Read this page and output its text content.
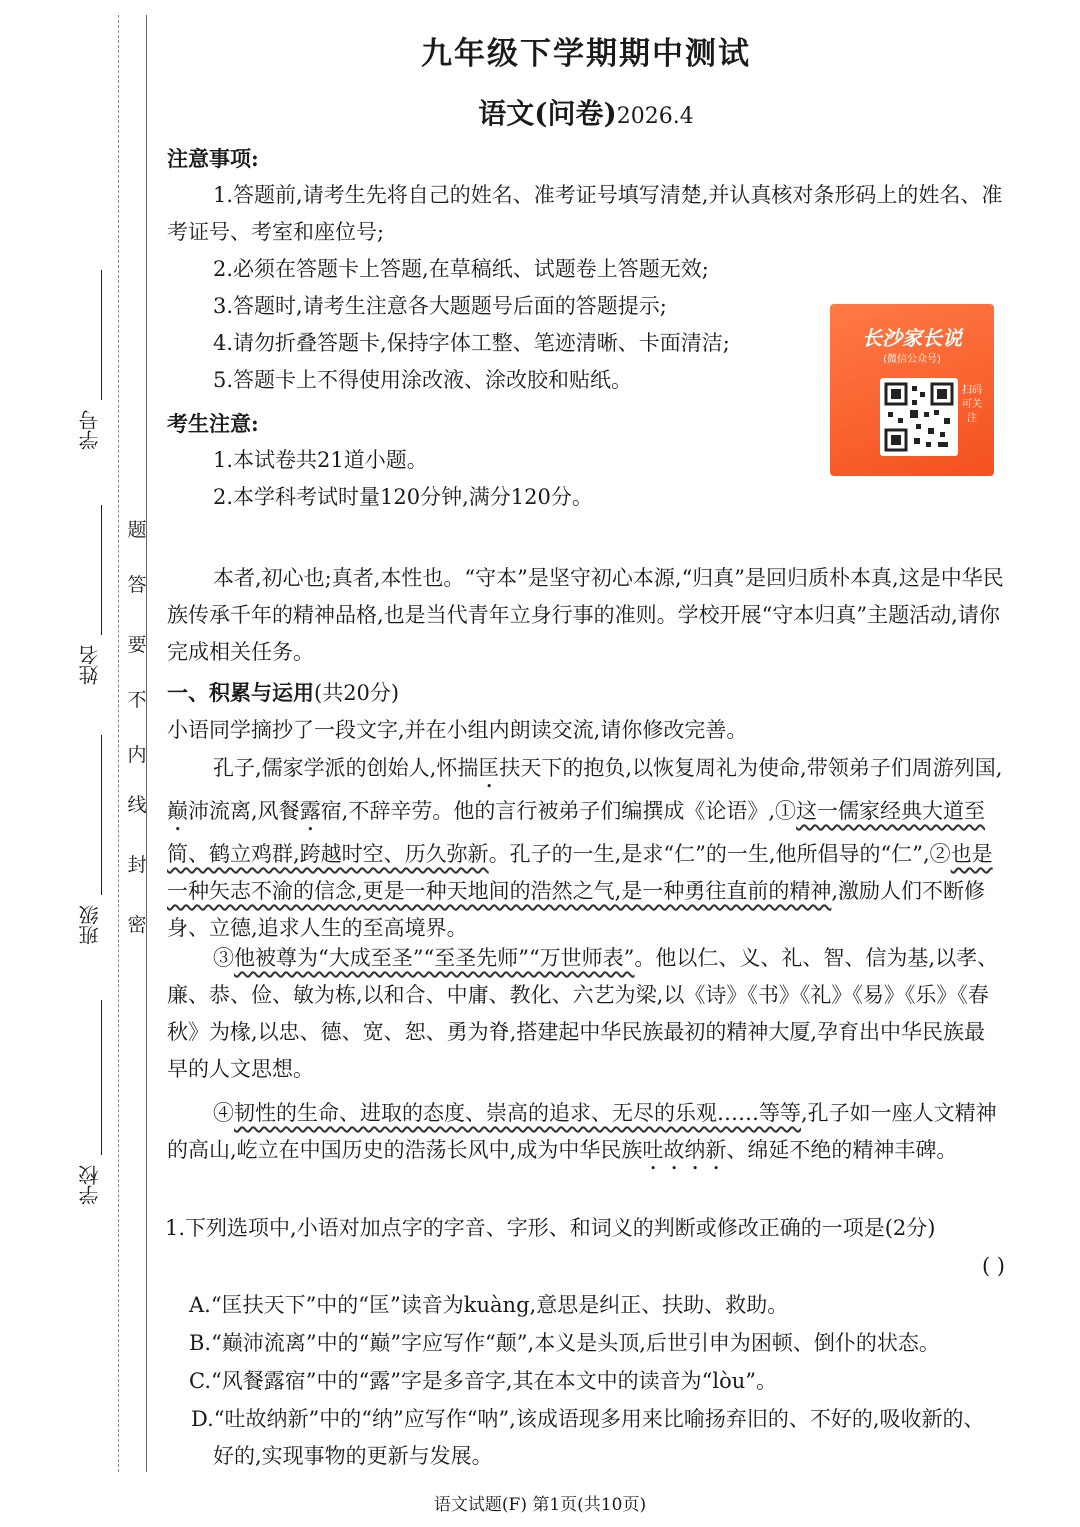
学号
姓名
班级
学校
密
封
线
内
不
要
答
题
九年级下学期期中测试
语文(问卷)2026.4
注意事项:
1.答题前,请考生先将自己的姓名、准考证号填写清楚,并认真核对条形码上的姓名、准考证号、考室和座位号;
2.必须在答题卡上答题,在草稿纸、试题卷上答题无效;
3.答题时,请考生注意各大题题号后面的答题提示;
4.请勿折叠答题卡,保持字体工整、笔迹清晰、卡面清洁;
5.答题卡上不得使用涂改液、涂改胶和贴纸。
考生注意:
1.本试卷共21道小题。
2.本学科考试时量120分钟,满分120分。
本者,初心也;真者,本性也。“守本”是坚守初心本源,“归真”是回归质朴本真,这是中华民族传承千年的精神品格,也是当代青年立身行事的准则。学校开展“守本归真”主题活动,请你完成相关任务。
一、积累与运用(共20分)
小语同学摘抄了一段文字,并在小组内朗读交流,请你修改完善。
孔子,儒家学派的创始人,怀揣匡扶天下的抱负,以恢复周礼为使命,带领弟子们周游列国,巅沛流离,风餐露宿,不辞辛劳。他的言行被弟子们编撰成《论语》,①这一儒家经典大道至简、鹤立鸡群,跨越时空、历久弥新。孔子的一生,是求“仁”的一生,他所倡导的“仁”,②也是一种矢志不渝的信念,更是一种天地间的浩然之气,是一种勇往直前的精神,激励人们不断修身、立德,追求人生的至高境界。
③他被尊为“大成至圣”“至圣先师”“万世师表”。他以仁、义、礼、智、信为基,以孝、廉、恭、俭、敏为栋,以和合、中庸、教化、六艺为梁,以《诗》《书》《礼》《易》《乐》《春秋》为椽,以忠、德、宽、恕、勇为脊,搭建起中华民族最初的精神大厦,孕育出中华民族最早的人文思想。
④韧性的生命、进取的态度、崇高的追求、无尽的乐观……等等,孔子如一座人文精神的高山,屹立在中国历史的浩荡长风中,成为中华民族吐故纳新、绵延不绝的精神丰碑。
1.下列选项中,小语对加点字的字音、字形、和词义的判断或修改正确的一项是(2分)
( )
A.“匡扶天下”中的“匡”读音为kuàng,意思是纠正、扶助、救助。
B.“巅沛流离”中的“巅”字应写作“颠”,本义是头顶,后世引申为困顿、倒仆的状态。
C.“风餐露宿”中的“露”字是多音字,其在本文中的读音为“lòu”。
D.“吐故纳新”中的“纳”应写作“呐”,该成语现多用来比喻扬弃旧的、不好的,吸收新的、好的,实现事物的更新与发展。
长沙家长说
(微信公众号)
扫码可关注
语文试题(F) 第1页(共10页)
